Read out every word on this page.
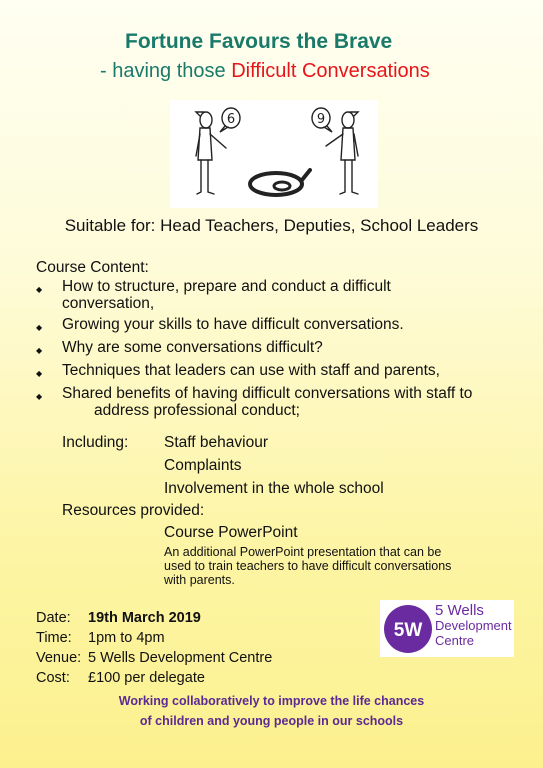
Fortune Favours the Brave
- having those Difficult Conversations
6	9
Suitable for: Head Teachers, Deputies, School Leaders
Course Content:
◆ How to structure, prepare and conduct a difficult
conversation,
◆ Growing your skills to have difficult conversations.
◆ Why are some conversations difficult?
◆ Techniques that leaders can use with staff and parents,
◆ Shared benefits of having difficult conversations with staff to
address professional conduct;
Including: Staff behaviour
Complaints
Involvement in the whole school
Resources provided:
Course PowerPoint
An additional PowerPoint presentation that can be
used to train teachers to have difficult conversations
with parents.
Date: 19th March 2019
Time: 1pm to 4pm
Venue: 5 Wells Development Centre
Cost: £100 per delegate
5W
5 Wells
Development
Centre
Working collaboratively to improve the life chances
of children and young people in our schools
